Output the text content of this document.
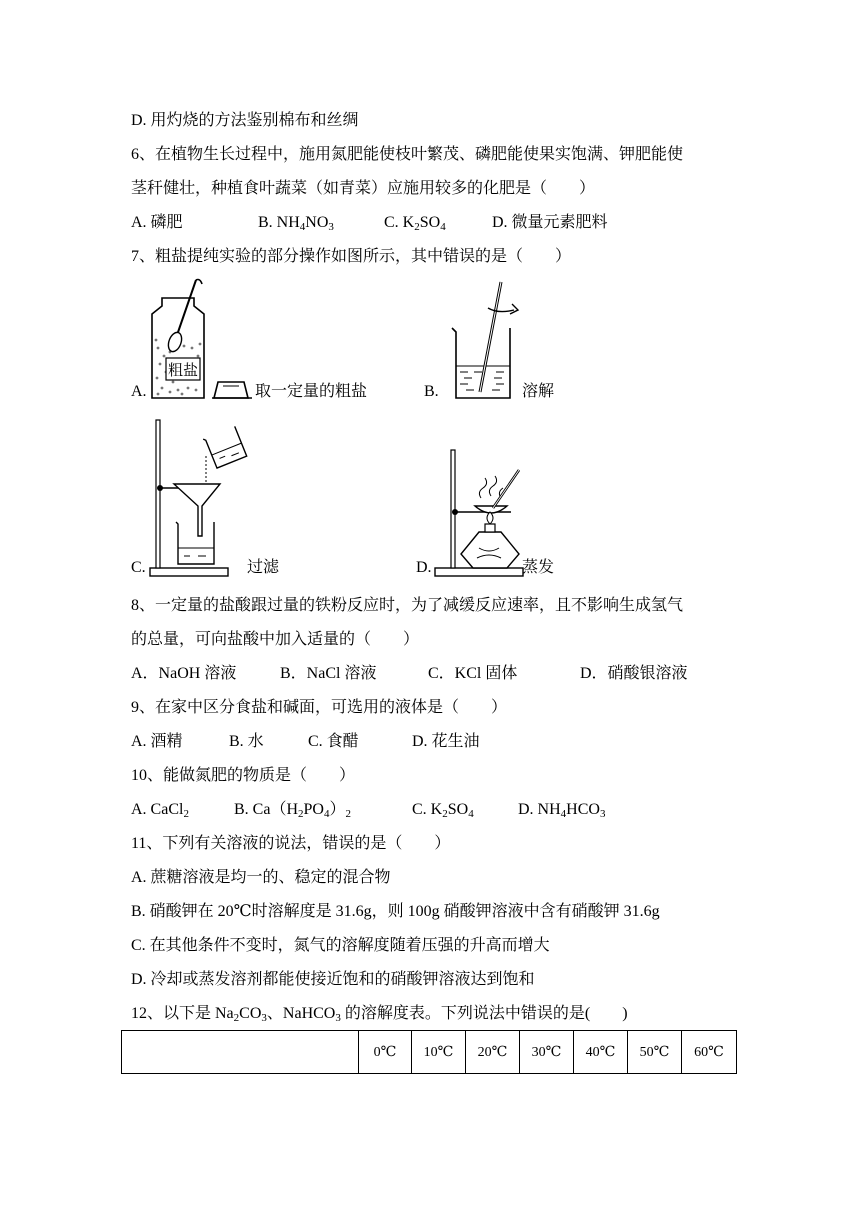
D. 用灼烧的方法鉴别棉布和丝绸
6、在植物生长过程中，施用氮肥能使枝叶繁茂、磷肥能使果实饱满、钾肥能使
茎秆健壮，种植食叶蔬菜（如青菜）应施用较多的化肥是（　　）
A. 磷肥	B. $NH_4NO_3$	C. $K_2SO_4$	D. 微量元素肥料
7、粗盐提纯实验的部分操作如图所示，其中错误的是（　　）
A.
粗盐
取一定量的粗盐	B.	溶解
C.	过滤	D.	蒸发
8、一定量的盐酸跟过量的铁粉反应时，为了减缓反应速率，且不影响生成氢气
的总量，可向盐酸中加入适量的（　　）
A．NaOH 溶液	B．NaCl 溶液	C．KCl 固体	D．硝酸银溶液
9、在家中区分食盐和碱面，可选用的液体是（　　）
A. 酒精	B. 水	C. 食醋	D. 花生油
10、能做氮肥的物质是（　　）
A. CaCl$_2$	B. $Ca(H_2PO_4)_2$	C. $K_2SO_4$	D. $NH_4HCO_3$
11、下列有关溶液的说法，错误的是（　　）
A. 蔗糖溶液是均一的、稳定的混合物
B. 硝酸钾在 20℃时溶解度是 31.6g，则 100g 硝酸钾溶液中含有硝酸钾 31.6g
C. 在其他条件不变时，氮气的溶解度随着压强的升高而增大
D. 冷却或蒸发溶剂都能使接近饱和的硝酸钾溶液达到饱和
12、以下是 $Na_2CO_3$、NaHCO$_3$ 的溶解度表。下列说法中错误的是(　　)
	0℃	10℃	20℃	30℃	40℃	50℃	60℃
